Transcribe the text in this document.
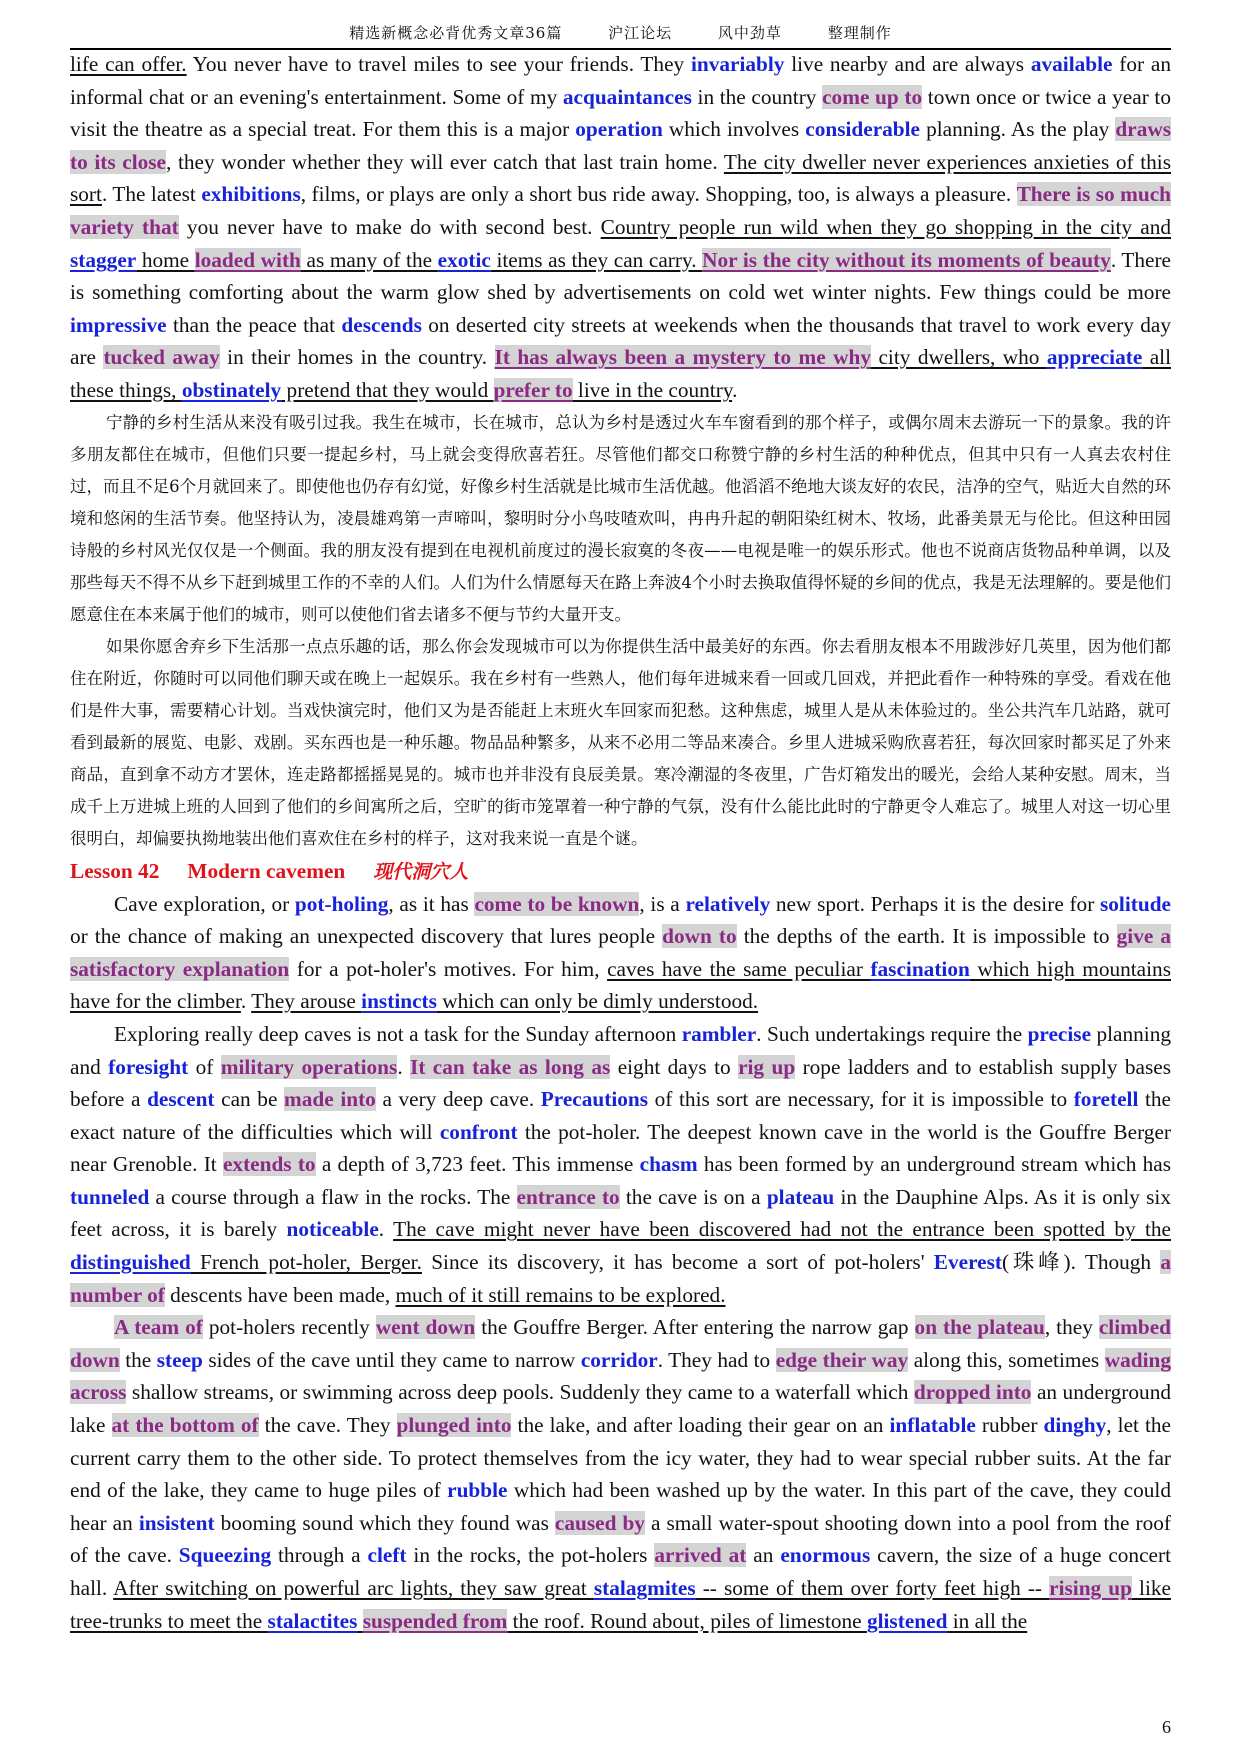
精选新概念必背优秀文章36篇	沪江论坛	风中劲草	整理制作

life can offer. You never have to travel miles to see your friends. They invariably live nearby and are always available for an informal chat or an evening's entertainment. Some of my acquaintances in the country come up to town once or twice a year to visit the theatre as a special treat. For them this is a major operation which involves considerable planning. As the play draws to its close, they wonder whether they will ever catch that last train home. The city dweller never experiences anxieties of this sort. The latest exhibitions, films, or plays are only a short bus ride away. Shopping, too, is always a pleasure. There is so much variety that you never have to make do with second best. Country people run wild when they go shopping in the city and stagger home loaded with as many of the exotic items as they can carry. Nor is the city without its moments of beauty. There is something comforting about the warm glow shed by advertisements on cold wet winter nights. Few things could be more impressive than the peace that descends on deserted city streets at weekends when the thousands that travel to work every day are tucked away in their homes in the country. It has always been a mystery to me why city dwellers, who appreciate all these things, obstinately pretend that they would prefer to live in the country.

宁静的乡村生活从来没有吸引过我。我生在城市，长在城市，总认为乡村是透过火车车窗看到的那个样子，或偶尔周末去游玩一下的景象。我的许多朋友都住在城市，但他们只要一提起乡村，马上就会变得欣喜若狂。尽管他们都交口称赞宁静的乡村生活的种种优点，但其中只有一人真去农村住过，而且不足6个月就回来了。即使他也仍存有幻觉，好像乡村生活就是比城市生活优越。他滔滔不绝地大谈友好的农民，洁净的空气，贴近大自然的环境和悠闲的生活节奏。他坚持认为，凌晨雄鸡第一声啼叫，黎明时分小鸟吱喳欢叫，冉冉升起的朝阳染红树木、牧场，此番美景无与伦比。但这种田园诗般的乡村风光仅仅是一个侧面。我的朋友没有提到在电视机前度过的漫长寂寞的冬夜——电视是唯一的娱乐形式。他也不说商店货物品种单调，以及那些每天不得不从乡下赶到城里工作的不幸的人们。人们为什么情愿每天在路上奔波4个小时去换取值得怀疑的乡间的优点，我是无法理解的。要是他们愿意住在本来属于他们的城市，则可以使他们省去诸多不便与节约大量开支。

如果你愿舍弃乡下生活那一点点乐趣的话，那么你会发现城市可以为你提供生活中最美好的东西。你去看朋友根本不用跋涉好几英里，因为他们都住在附近，你随时可以同他们聊天或在晚上一起娱乐。我在乡村有一些熟人，他们每年进城来看一回或几回戏，并把此看作一种特殊的享受。看戏在他们是件大事，需要精心计划。当戏快演完时，他们又为是否能赶上末班火车回家而犯愁。这种焦虑，城里人是从未体验过的。坐公共汽车几站路，就可看到最新的展览、电影、戏剧。买东西也是一种乐趣。物品品种繁多，从来不必用二等品来凑合。乡里人进城采购欣喜若狂，每次回家时都买足了外来商品，直到拿不动方才罢休，连走路都摇摇晃晃的。城市也并非没有良辰美景。寒冷潮湿的冬夜里，广告灯箱发出的暖光，会给人某种安慰。周末，当成千上万进城上班的人回到了他们的乡间寓所之后，空旷的街市笼罩着一种宁静的气氛，没有什么能比此时的宁静更令人难忘了。城里人对这一切心里很明白，却偏要执拗地装出他们喜欢住在乡村的样子，这对我来说一直是个谜。

Lesson 42 Modern cavemen 现代洞穴人

Cave exploration, or pot-holing, as it has come to be known, is a relatively new sport. Perhaps it is the desire for solitude or the chance of making an unexpected discovery that lures people down to the depths of the earth. It is impossible to give a satisfactory explanation for a pot-holer's motives. For him, caves have the same peculiar fascination which high mountains have for the climber. They arouse instincts which can only be dimly understood.

Exploring really deep caves is not a task for the Sunday afternoon rambler. Such undertakings require the precise planning and foresight of military operations. It can take as long as eight days to rig up rope ladders and to establish supply bases before a descent can be made into a very deep cave. Precautions of this sort are necessary, for it is impossible to foretell the exact nature of the difficulties which will confront the pot-holer. The deepest known cave in the world is the Gouffre Berger near Grenoble. It extends to a depth of 3,723 feet. This immense chasm has been formed by an underground stream which has tunneled a course through a flaw in the rocks. The entrance to the cave is on a plateau in the Dauphine Alps. As it is only six feet across, it is barely noticeable. The cave might never have been discovered had not the entrance been spotted by the distinguished French pot-holer, Berger. Since its discovery, it has become a sort of pot-holers' Everest(珠峰). Though a number of descents have been made, much of it still remains to be explored.

A team of pot-holers recently went down the Gouffre Berger. After entering the narrow gap on the plateau, they climbed down the steep sides of the cave until they came to narrow corridor. They had to edge their way along this, sometimes wading across shallow streams, or swimming across deep pools. Suddenly they came to a waterfall which dropped into an underground lake at the bottom of the cave. They plunged into the lake, and after loading their gear on an inflatable rubber dinghy, let the current carry them to the other side. To protect themselves from the icy water, they had to wear special rubber suits. At the far end of the lake, they came to huge piles of rubble which had been washed up by the water. In this part of the cave, they could hear an insistent booming sound which they found was caused by a small water-spout shooting down into a pool from the roof of the cave. Squeezing through a cleft in the rocks, the pot-holers arrived at an enormous cavern, the size of a huge concert hall. After switching on powerful arc lights, they saw great stalagmites -- some of them over forty feet high -- rising up like tree-trunks to meet the stalactites suspended from the roof. Round about, piles of limestone glistened in all the

6
